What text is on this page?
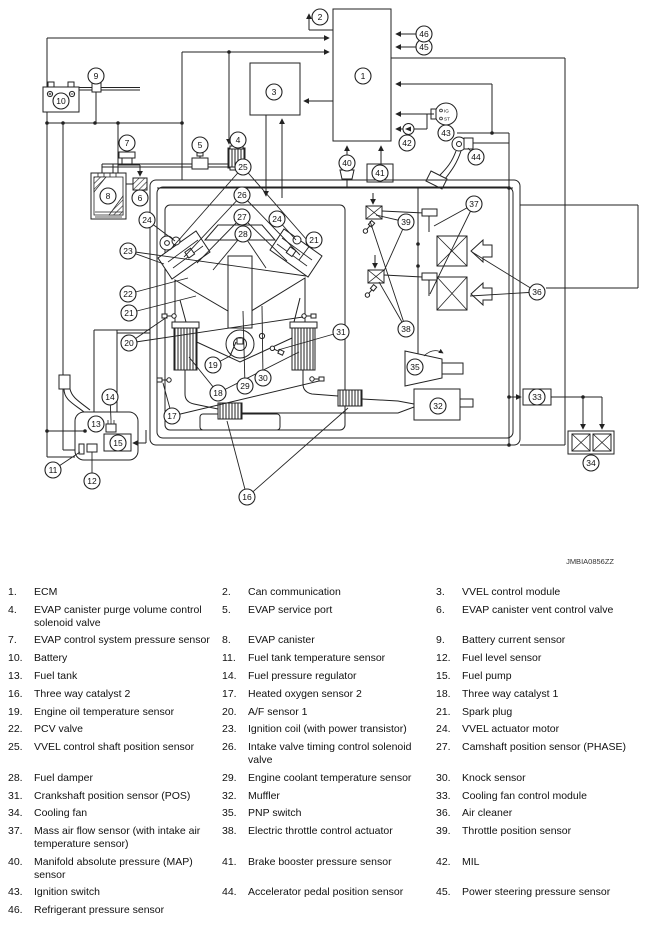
IG
ST
1
2
3
4
5
6
7
8
9
10
11
12
13
14
15
16
17
18
19
20
21
21
22
23
24	24
25
26
27
28
29
30
31
32
33
34
35
36
37
38
39
40
41
42
43
44
45
46
JMBIA0856ZZ
1.	ECM	2.	Can communication	3.	VVEL control module
4.	EVAP canister purge volume control solenoid valve
5.	EVAP service port	6.	EVAP canister vent control valve
7.	EVAP control system pressure sensor	8.	EVAP canister	9.	Battery current sensor
10.	Battery	11.	Fuel tank temperature sensor	12.	Fuel level sensor
13.	Fuel tank	14.	Fuel pressure regulator	15.	Fuel pump
16.	Three way catalyst 2	17.	Heated oxygen sensor 2	18.	Three way catalyst 1
19.	Engine oil temperature sensor	20.	A/F sensor 1	21.	Spark plug
22.	PCV valve	23.	Ignition coil (with power transistor)	24.	VVEL actuator motor
25.	VVEL control shaft position sensor	26.	Intake valve timing control solenoid valve
27.	Camshaft position sensor (PHASE)
28.	Fuel damper	29.	Engine coolant temperature sensor	30.	Knock sensor
31.	Crankshaft position sensor (POS)	32.	Muffler	33.	Cooling fan control module
34.	Cooling fan	35.	PNP switch	36.	Air cleaner
37.	Mass air flow sensor (with intake air temperature sensor)
38.	Electric throttle control actuator	39.	Throttle position sensor
40.	Manifold absolute pressure (MAP) sensor
41.	Brake booster pressure sensor	42.	MIL
43.	Ignition switch	44.	Accelerator pedal position sensor	45.	Power steering pressure sensor
46.	Refrigerant pressure sensor
